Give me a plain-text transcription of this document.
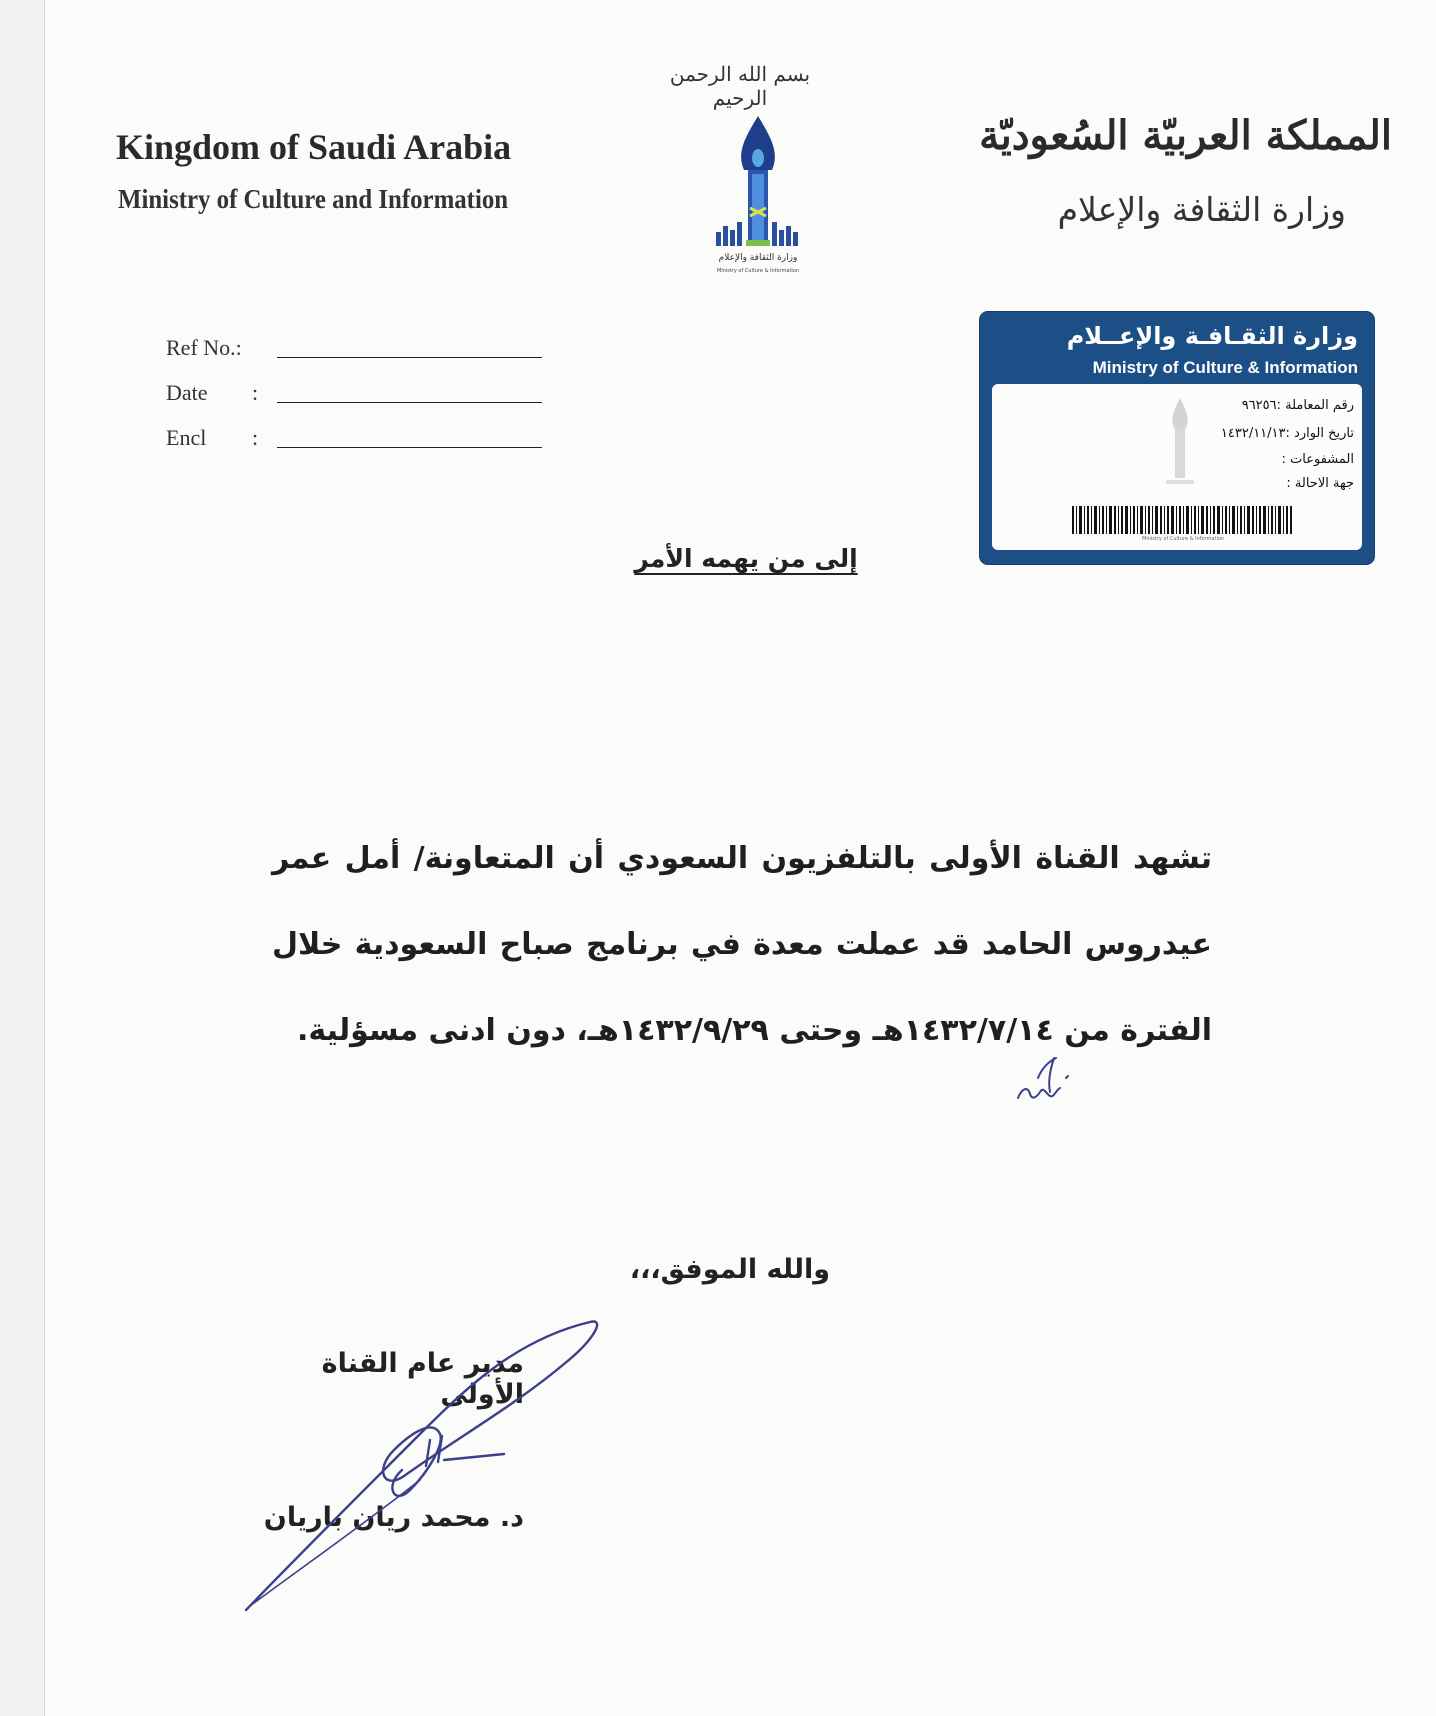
بسم الله الرحمن الرحيم
Kingdom of Saudi Arabia
Ministry of Culture and Information
المملكة العربيّة السُعوديّة
وزارة الثقافة والإعلام
وزارة الثقافة والإعلام
Ministry of Culture & Information
Ref No.:
Date :
Encl :
وزارة الثقـافـة والإعــلام
Ministry of Culture & Information
رقم المعاملة :٩٦٢٥٦
تاريخ الوارد :١٤٣٢/١١/١٣
المشفوعات :
جهة الاحالة :
Ministry of Culture & Information
إلى من يهمه الأمر
تشهد القناة الأولى بالتلفزيون السعودي أن المتعاونة/ أمل عمر عيدروس الحامد قد عملت معدة في برنامج صباح السعودية خلال الفترة من ١٤٣٢/٧/١٤هـ وحتى ١٤٣٢/٩/٢٩هـ، دون ادنى مسؤلية.
والله الموفق،،،
مدير عام القناة الأولى
د. محمد ريان باريان
